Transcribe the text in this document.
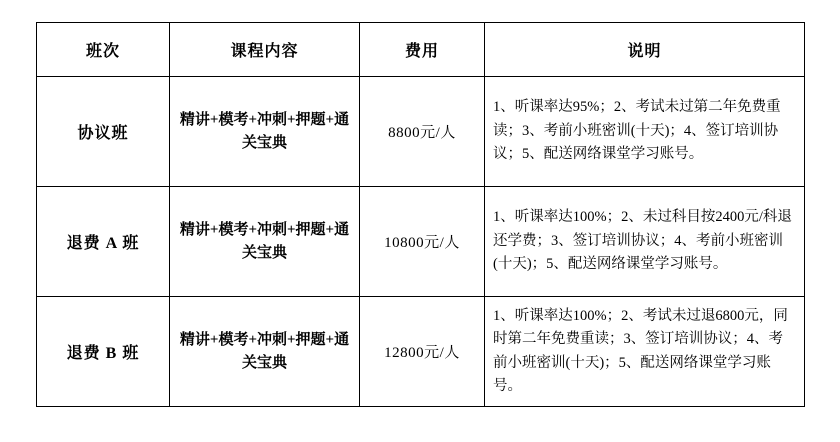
班次	课程内容	费用	说明
协议班	精讲+模考+冲刺+押题+通关宝典	8800元/人	1、听课率达95%；2、考试未过第二年免费重读；3、考前小班密训(十天)；4、签订培训协议；5、配送网络课堂学习账号。
退费 A 班	精讲+模考+冲刺+押题+通关宝典	10800元/人	1、听课率达100%；2、未过科目按2400元/科退还学费；3、签订培训协议；4、考前小班密训(十天)；5、配送网络课堂学习账号。
退费 B 班	精讲+模考+冲刺+押题+通关宝典	12800元/人	1、听课率达100%；2、考试未过退6800元，同时第二年免费重读；3、签订培训协议；4、考前小班密训(十天)；5、配送网络课堂学习账号。
